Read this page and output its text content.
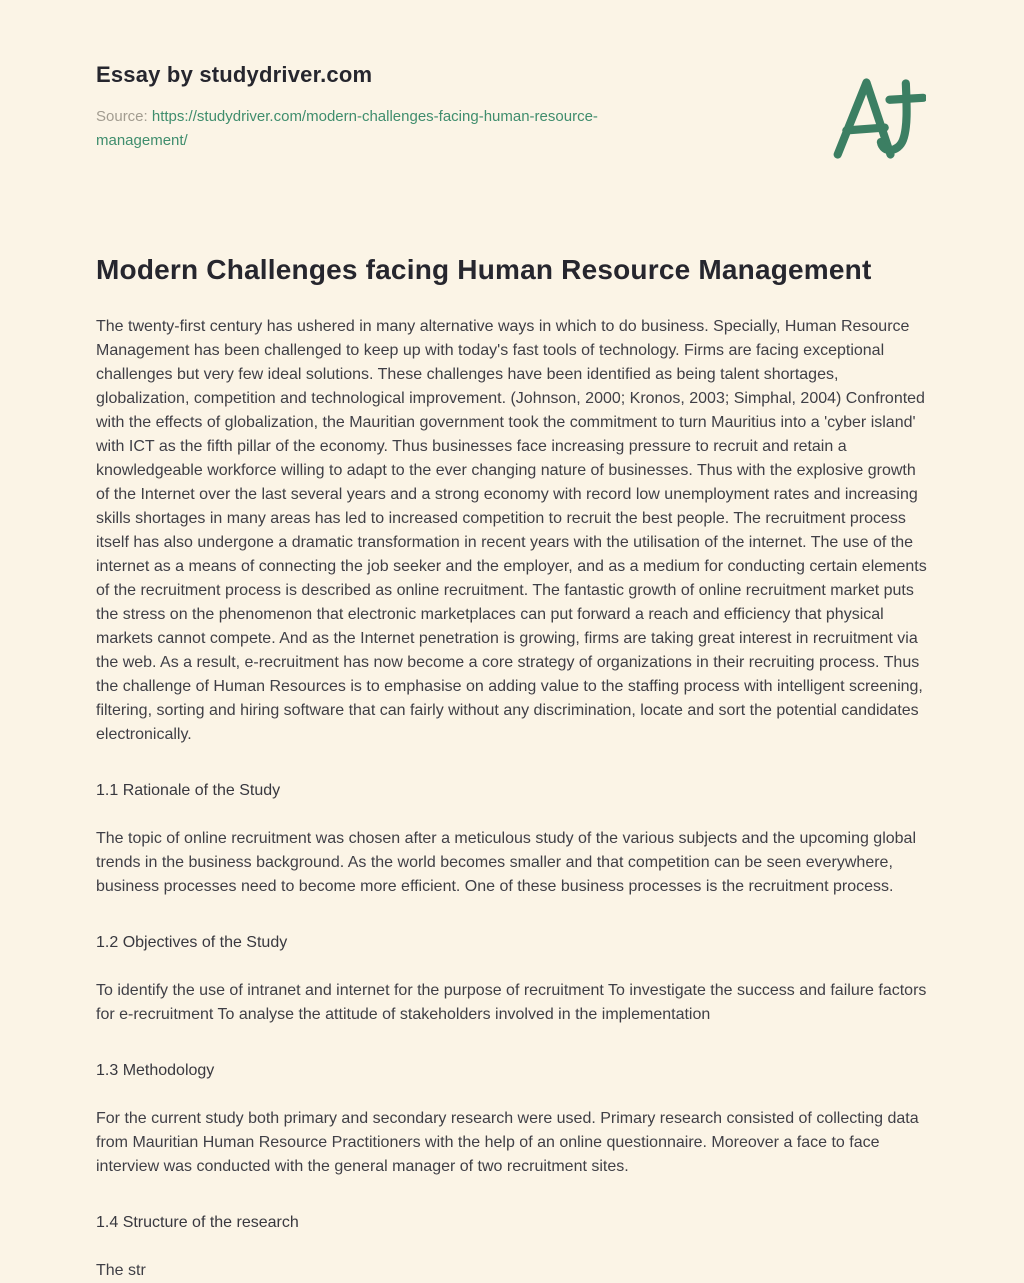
Essay by studydriver.com
Source: https://studydriver.com/modern-challenges-facing-human-resource-management/
Modern Challenges facing Human Resource Management

The twenty-first century has ushered in many alternative ways in which to do business. Specially, Human Resource Management has been challenged to keep up with today's fast tools of technology. Firms are facing exceptional challenges but very few ideal solutions. These challenges have been identified as being talent shortages, globalization, competition and technological improvement. (Johnson, 2000; Kronos, 2003; Simphal, 2004) Confronted with the effects of globalization, the Mauritian government took the commitment to turn Mauritius into a 'cyber island' with ICT as the fifth pillar of the economy. Thus businesses face increasing pressure to recruit and retain a knowledgeable workforce willing to adapt to the ever changing nature of businesses. Thus with the explosive growth of the Internet over the last several years and a strong economy with record low unemployment rates and increasing skills shortages in many areas has led to increased competition to recruit the best people. The recruitment process itself has also undergone a dramatic transformation in recent years with the utilisation of the internet. The use of the internet as a means of connecting the job seeker and the employer, and as a medium for conducting certain elements of the recruitment process is described as online recruitment. The fantastic growth of online recruitment market puts the stress on the phenomenon that electronic marketplaces can put forward a reach and efficiency that physical markets cannot compete. And as the Internet penetration is growing, firms are taking great interest in recruitment via the web. As a result, e-recruitment has now become a core strategy of organizations in their recruiting process. Thus the challenge of Human Resources is to emphasise on adding value to the staffing process with intelligent screening, filtering, sorting and hiring software that can fairly without any discrimination, locate and sort the potential candidates electronically.

1.1 Rationale of the Study

The topic of online recruitment was chosen after a meticulous study of the various subjects and the upcoming global trends in the business background. As the world becomes smaller and that competition can be seen everywhere, business processes need to become more efficient. One of these business processes is the recruitment process.

1.2 Objectives of the Study

To identify the use of intranet and internet for the purpose of recruitment To investigate the success and failure factors for e-recruitment To analyse the attitude of stakeholders involved in the implementation

1.3 Methodology

For the current study both primary and secondary research were used. Primary research consisted of collecting data from Mauritian Human Resource Practitioners with the help of an online questionnaire. Moreover a face to face interview was conducted with the general manager of two recruitment sites.

1.4 Structure of the research

The str
